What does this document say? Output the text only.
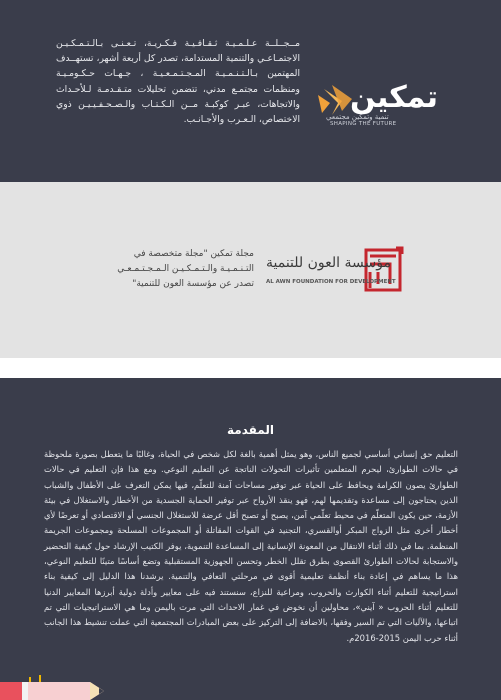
تمكين
تنمية وتمكين مجتمعي
SHAPING THE FUTURE
مــجــلــة عـلـمـيـة ثـقـافـيـة فـكـريـة، تـعـنـى بـالـتـمـكـيـن الاجتمـاعـي والتنمية المستدامة، تصدر كل أربعة أشهر، تستهــدف المهتمين بـالـتـنـمـيـة المـجـتـمـعـيـة ، جـهـات حـكـومـيـة ومنظمات مجتمـع مدني، تتضمن تحليلات متـقـدمـة لـلأحـداث والاتجاهات، عبـر كوكبـة مــن الـكـتـاب والـصـحـفـيـيـن ذوي الاختصاص، الـعـرب والأجـانـب.
مجلة تمكين "مجلة متخصصة في
التـنـمـيـة والـتـمـكـيـن الـمـجـتـمـعـي
تصدر عن مؤسسة العون للتنمية"
مؤسسة العون للتنمية
AL AWN FOUNDATION FOR DEVELOPMENT
المقدمة
التعليم حق إنساني أساسي لجميع الناس، وهو يمثل أهمية بالغة لكل شخص في الحياة، وغالبًا ما يتعطل بصورة ملحوظة في حالات الطوارئ، ليحرم المتعلمين تأثيرات التحولات الناتجة عن التعليم النوعي. ومع هذا فإن التعليم في حالات الطوارئ يصون الكرامة ويحافظ على الحياة عبر توفير مساحات آمنة للتعلّم، فيها يمكن التعرف على الأطفال والشباب الذين يحتاجون إلى مساعدة وتقديمها لهم، فهو ينقذ الأرواح عبر توفير الحماية الجسدية من الأخطار والاستغلال في بيئة الأزمة، حين يكون المتعلّم في محيط تعلّمي آمن، يصبح أو تصبح أقل عرضة للاستغلال الجنسي أو الاقتصادي أو تعرضًا لأي أخطار أخرى مثل الزواج المبكر أوالقسري، التجنيد في القوات المقاتلة أو المجموعات المسلحة ومجموعات الجريمة المنظمة. بما في ذلك أثناء الانتقال من المعونة الإنسانية إلى المساعدة التنموية، يوفر الكتيب الإرشاد حول كيفية التحضير والاستجابة لحالات الطوارئ القصوى بطرق تقلل الخطر وتحسن الجهوزية المستقبلية وتضع أساسًا متينًا للتعليم النوعي، هذا ما يساهم في إعادة بناء أنظمة تعليمية أقوى في مرحلتي التعافي والتنمية. يرشدنا هذا الدليل إلى كيفية بناء استراتيجية للتعليم أثناء الكوارث والحروب، ومراعية للنزاع، سنستند فيه على معايير وأدلة دولية أبرزها المعايير الدنيا للتعليم أثناء الحروب « آيني»، محاولين أن نخوض في غمار الاحداث التي مرت باليمن وما هي الاستراتيجيات التي تم اتباعها، والآليات التي تم السير وفقها، بالاضافة إلى التركيز على بعض المبادرات المجتمعية التي عملت تنشيط هذا الجانب أثناء حرب اليمن 2015-2016م.
